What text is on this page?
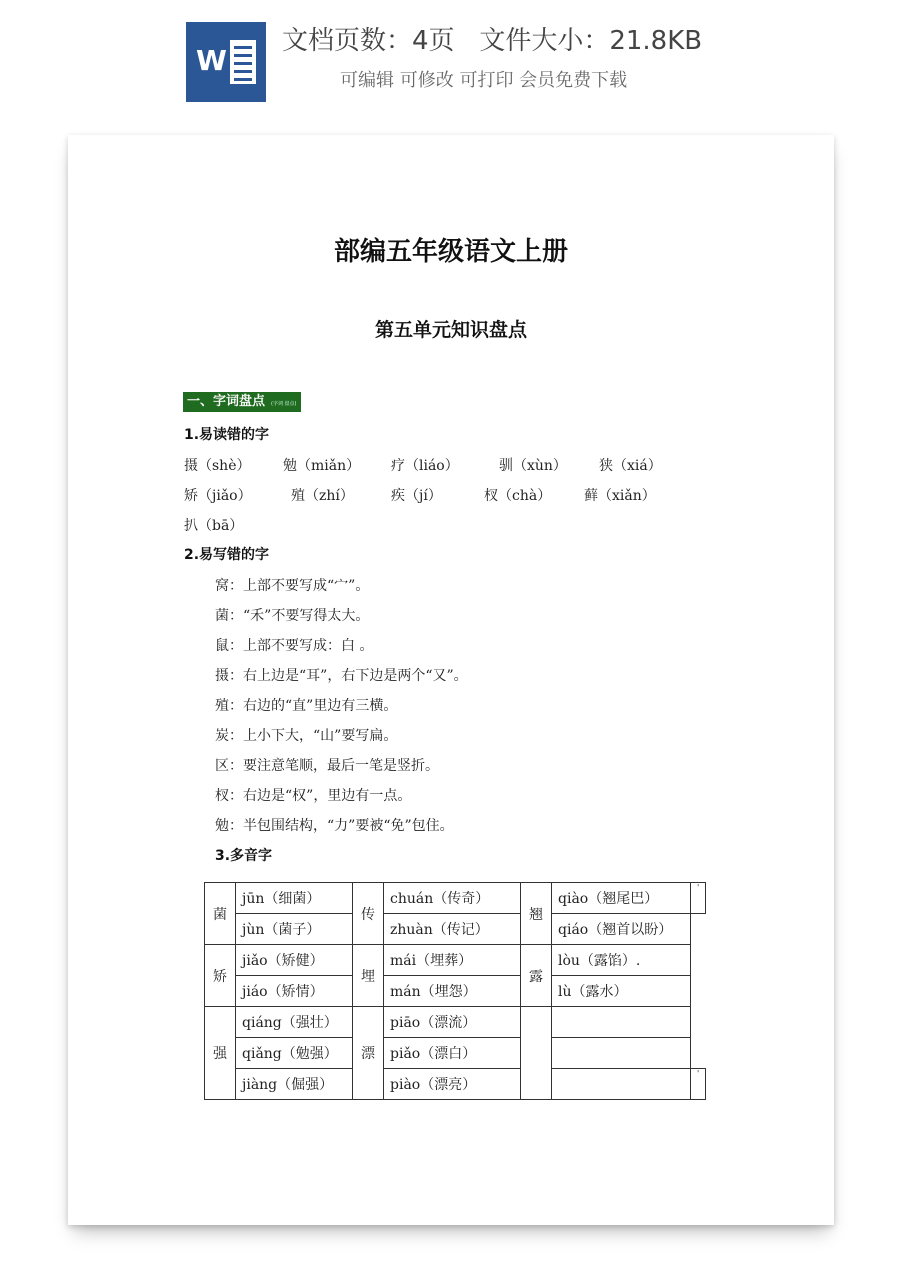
W
文档页数：4页   文件大小：21.8KB
可编辑 可修改 可打印 会员免费下载
部编五年级语文上册
第五单元知识盘点
一、字词盘点 (字词 盘点)
1.易读错的字
摄（shè） 勉（miǎn） 疗（liáo）	驯（xùn） 狭（xiá）
矫（jiǎo）	殖（zhí）	疾（jí）	杈（chà） 藓（xiǎn）
扒（bā）
2.易写错的字
窝：上部不要写成“宀”。
菌：“禾”不要写得太大。
鼠：上部不要写成：白 。
摄：右上边是“耳”，右下边是两个“又”。
殖：右边的“直”里边有三横。
炭：上小下大，“山”要写扁。
区：要注意笔顺，最后一笔是竖折。
杈：右边是“权”，里边有一点。
勉：半包围结构，“力”要被“免”包住。
3.多音字
菌	jūn（细菌）	传	chuán（传奇）	翘	qiào（翘尾巴）	'
	jùn（菌子）		zhuàn（传记）		qiáo（翘首以盼）	
矫	jiǎo（矫健）	埋	mái（埋葬）	露	lòu（露馅）.	
	jiáo（矫情）		mán（埋怨）		lù（露水）	
强	qiáng（强壮）	漂	piāo（漂流）			
	qiǎng（勉强）		piǎo（漂白）			
	jiàng（倔强）		piào（漂亮）			'
